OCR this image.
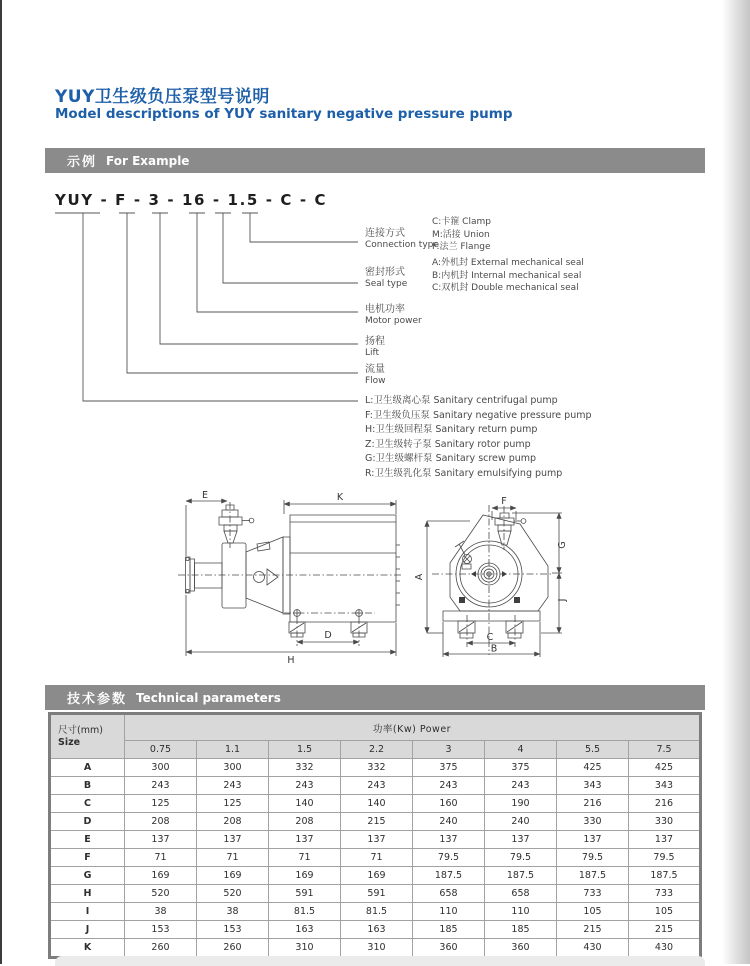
YUY卫生级负压泵型号说明
Model descriptions of YUY sanitary negative pressure pump
示例 For Example
YUY - F - 3 - 16 - 1.5 - C - C
连接方式
Connection type
C:卡箍 Clamp
M:活接 Union
F:法兰 Flange
密封形式
Seal type
A:外机封 External mechanical seal
B:内机封 Internal mechanical seal
C:双机封 Double mechanical seal
电机功率
Motor power
扬程
Lift
流量
Flow
L:卫生级离心泵 Sanitary centrifugal pump
F:卫生级负压泵 Sanitary negative pressure pump
H:卫生级回程泵 Sanitary return pump
Z:卫生级转子泵 Sanitary rotor pump
G:卫生级螺杆泵 Sanitary screw pump
R:卫生级乳化泵 Sanitary emulsifying pump
E	K
D
H
F
A
G
J
C
B
技术参数 Technical parameters
尺寸(mm)
Size	功率(Kw) Power							
	0.75	1.1	1.5	2.2	3	4	5.5	7.5
A	300	300	332	332	375	375	425	425
B	243	243	243	243	243	243	343	343
C	125	125	140	140	160	190	216	216
D	208	208	208	215	240	240	330	330
E	137	137	137	137	137	137	137	137
F	71	71	71	71	79.5	79.5	79.5	79.5
G	169	169	169	169	187.5	187.5	187.5	187.5
H	520	520	591	591	658	658	733	733
I	38	38	81.5	81.5	110	110	105	105
J	153	153	163	163	185	185	215	215
K	260	260	310	310	360	360	430	430
